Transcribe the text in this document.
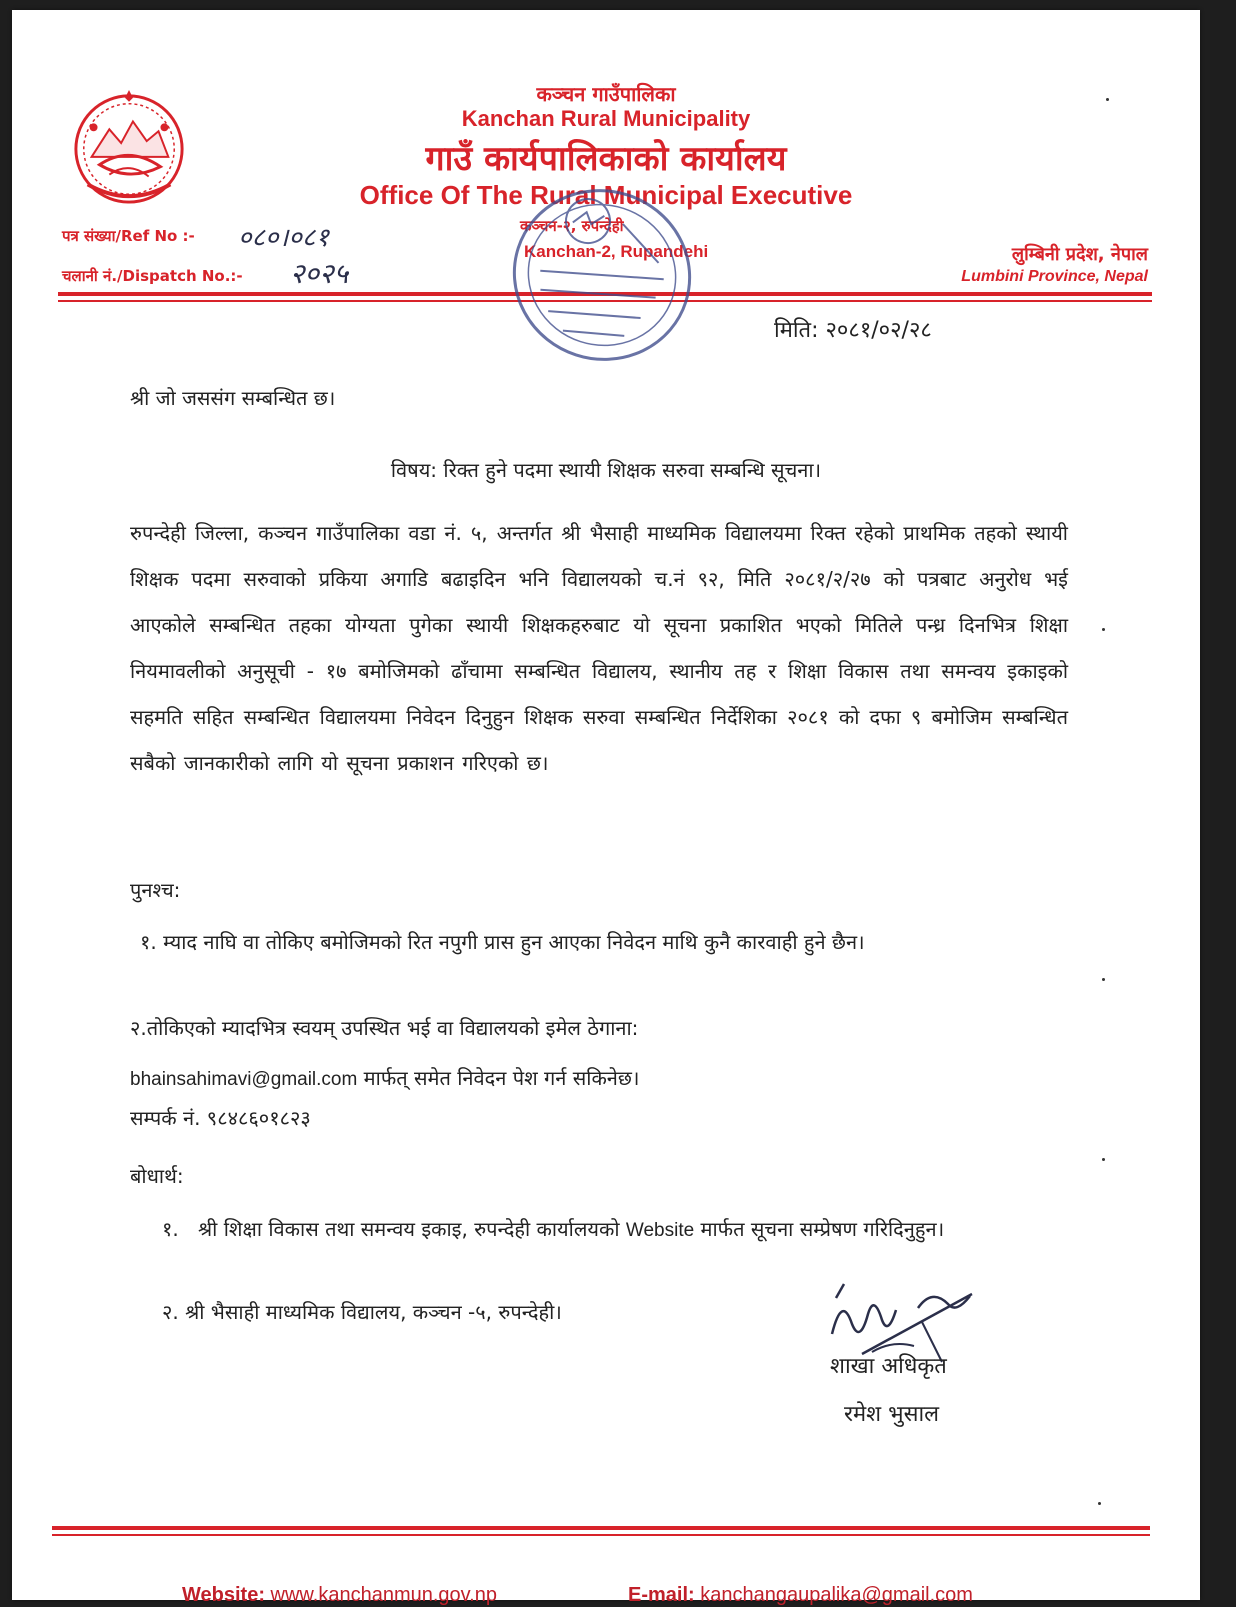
कञ्चन गाउँपालिका
Kanchan Rural Municipality
गाउँ कार्यपालिकाको कार्यालय
Office Of The Rural Municipal Executive
कञ्चन-२, रुपन्देही
Kanchan-2, Rupandehi
पत्र संख्या/Ref No :- ०८०।०८१
चलानी नं./Dispatch No.:- २०२५
लुम्बिनी प्रदेश, नेपाल
Lumbini Province, Nepal
मिति: २०८१/०२/२८
श्री जो जससंग सम्बन्धित छ।
विषय: रिक्त हुने पदमा स्थायी शिक्षक सरुवा सम्बन्धि सूचना।
रुपन्देही जिल्ला, कञ्चन गाउँपालिका वडा नं. ५, अन्तर्गत श्री भैसाही माध्यमिक विद्यालयमा रिक्त रहेको प्राथमिक तहको स्थायी शिक्षक पदमा सरुवाको प्रकिया अगाडि बढाइदिन भनि विद्यालयको च.नं ९२, मिति २०८१/२/२७ को पत्रबाट अनुरोध भई आएकोले सम्बन्धित तहका योग्यता पुगेका स्थायी शिक्षकहरुबाट यो सूचना प्रकाशित भएको मितिले पन्ध्र दिनभित्र शिक्षा नियमावलीको अनुसूची - १७ बमोजिमको ढाँचामा सम्बन्धित विद्यालय, स्थानीय तह र शिक्षा विकास तथा समन्वय इकाइको सहमति सहित सम्बन्धित विद्यालयमा निवेदन दिनुहुन शिक्षक सरुवा सम्बन्धित निर्देशिका २०८१ को दफा ९ बमोजिम सम्बन्धित सबैको जानकारीको लागि यो सूचना प्रकाशन गरिएको छ।
पुनश्च:
१. म्याद नाघि वा तोकिए बमोजिमको रित नपुगी प्रास हुन आएका निवेदन माथि कुनै कारवाही हुने छैन।
२.तोकिएको म्यादभित्र स्वयम् उपस्थित भई वा विद्यालयको इमेल ठेगाना:
bhainsahimavi@gmail.com मार्फत् समेत निवेदन पेश गर्न सकिनेछ।
सम्पर्क नं. ९८४८६०१८२३
बोधार्थ:
१. श्री शिक्षा विकास तथा समन्वय इकाइ, रुपन्देही कार्यालयको Website मार्फत सूचना सम्प्रेषण गरिदिनुहुन।
२. श्री भैसाही माध्यमिक विद्यालय, कञ्चन -५, रुपन्देही।
शाखा अधिकृत
रमेश भुसाल
Website: www.kanchanmun.gov.np	E-mail: kanchangaupalika@gmail.com
